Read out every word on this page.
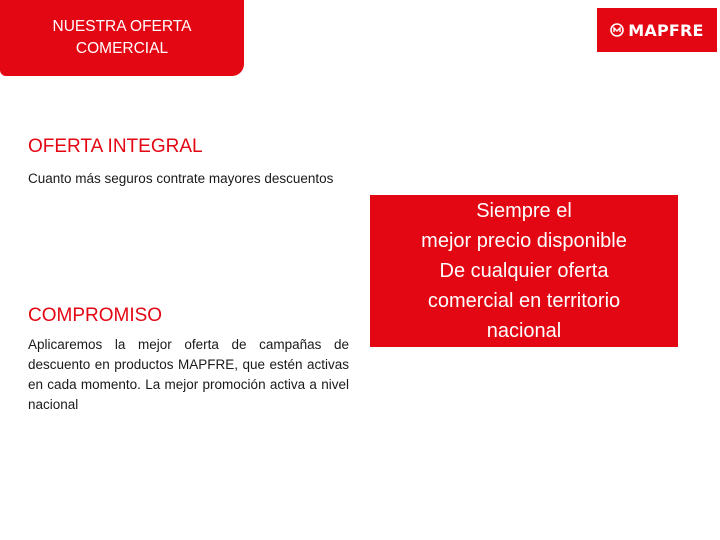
NUESTRA OFERTA
COMERCIAL
MAPFRE
OFERTA INTEGRAL

Cuanto más seguros contrate mayores descuentos

COMPROMISO

Aplicaremos la mejor oferta de campañas de descuento en productos MAPFRE, que estén activas en cada momento. La mejor promoción activa a nivel nacional

Siempre el
mejor precio disponible
De cualquier oferta
comercial en territorio
nacional
